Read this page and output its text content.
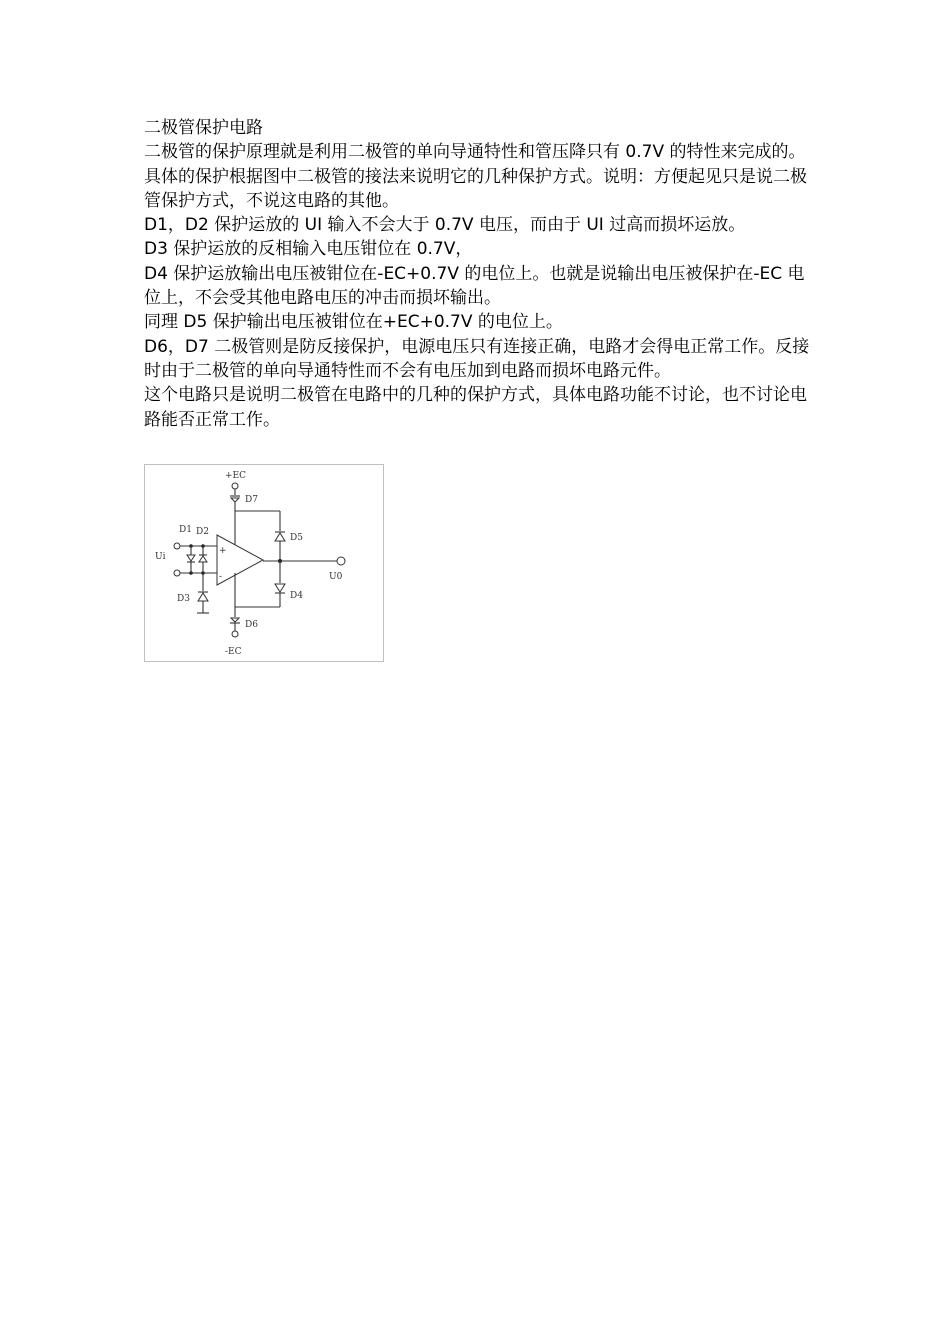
二极管保护电路

二极管的保护原理就是利用二极管的单向导通特性和管压降只有 0.7V 的特性来完成的。

具体的保护根据图中二极管的接法来说明它的几种保护方式。说明：方便起见只是说二极管保护方式，不说这电路的其他。

D1，D2 保护运放的 UI 输入不会大于 0.7V 电压，而由于 UI 过高而损坏运放。

D3 保护运放的反相输入电压钳位在 0.7V，

D4 保护运放输出电压被钳位在-EC+0.7V 的电位上。也就是说输出电压被保护在-EC 电位上，不会受其他电路电压的冲击而损坏输出。

同理 D5 保护输出电压被钳位在+EC+0.7V 的电位上。

D6，D7 二极管则是防反接保护，电源电压只有连接正确，电路才会得电正常工作。反接时由于二极管的单向导通特性而不会有电压加到电路而损坏电路元件。

这个电路只是说明二极管在电路中的几种的保护方式，具体电路功能不讨论，也不讨论电路能否正常工作。

+EC
D7
D5
+
-	U0
D4
D6
-EC
Ui
D1 D2
D3
